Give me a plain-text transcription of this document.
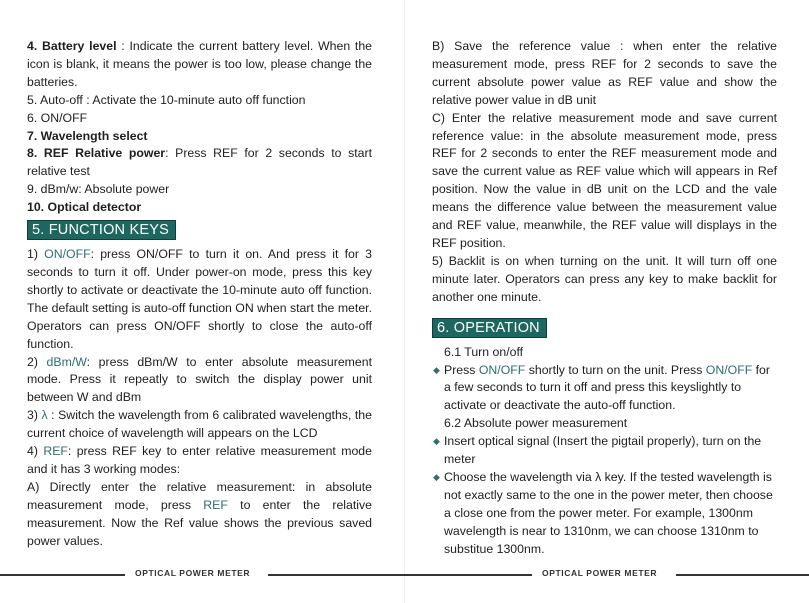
4. Battery level : Indicate the current battery level. When the icon is blank, it means the power is too low, please change the batteries.

5. Auto-off : Activate the 10-minute auto off function

6. ON/OFF

7. Wavelength select

8. REF Relative power: Press REF for 2 seconds to start relative test

9. dBm/w: Absolute power

10. Optical detector

5. FUNCTION KEYS

1) ON/OFF: press ON/OFF to turn it on. And press it for 3 seconds to turn it off. Under power-on mode, press this key shortly to activate or deactivate the 10-minute auto off function. The default setting is auto-off function ON when start the meter. Operators can press ON/OFF shortly to close the auto-off function.

2) dBm/W: press dBm/W to enter absolute measurement mode. Press it repeatly to switch the display power unit between W and dBm

3) λ : Switch the wavelength from 6 calibrated wavelengths, the current choice of wavelength will appears on the LCD

4) REF: press REF key to enter relative measurement mode and it has 3 working modes:

A) Directly enter the relative measurement: in absolute measurement mode, press REF to enter the relative measurement. Now the Ref value shows the previous saved power values.

B) Save the reference value : when enter the relative measurement mode, press REF for 2 seconds to save the current absolute power value as REF value and show the relative power value in dB unit

C) Enter the relative measurement mode and save current reference value: in the absolute measurement mode, press REF for 2 seconds to enter the REF measurement mode and save the current value as REF value which will appears in Ref position. Now the value in dB unit on the LCD and the vale means the difference value between the measurement value and REF value, meanwhile, the REF value will displays in the REF position.

5) Backlit is on when turning on the unit. It will turn off one minute later. Operators can press any key to make backlit for another one minute.

6. OPERATION

6.1 Turn on/off

◆ Press ON/OFF shortly to turn on the unit. Press ON/OFF for a few seconds to turn it off and press this keyslightly to activate or deactivate the auto-off function.

6.2 Absolute power measurement

◆ Insert optical signal (Insert the pigtail properly), turn on the meter

◆ Choose the wavelength via λ key. If the tested wavelength is not exactly same to the one in the power meter, then choose a close one from the power meter. For example, 1300nm wavelength is near to 1310nm, we can choose 1310nm to substitue 1300nm.

OPTICAL POWER METER	OPTICAL POWER METER
